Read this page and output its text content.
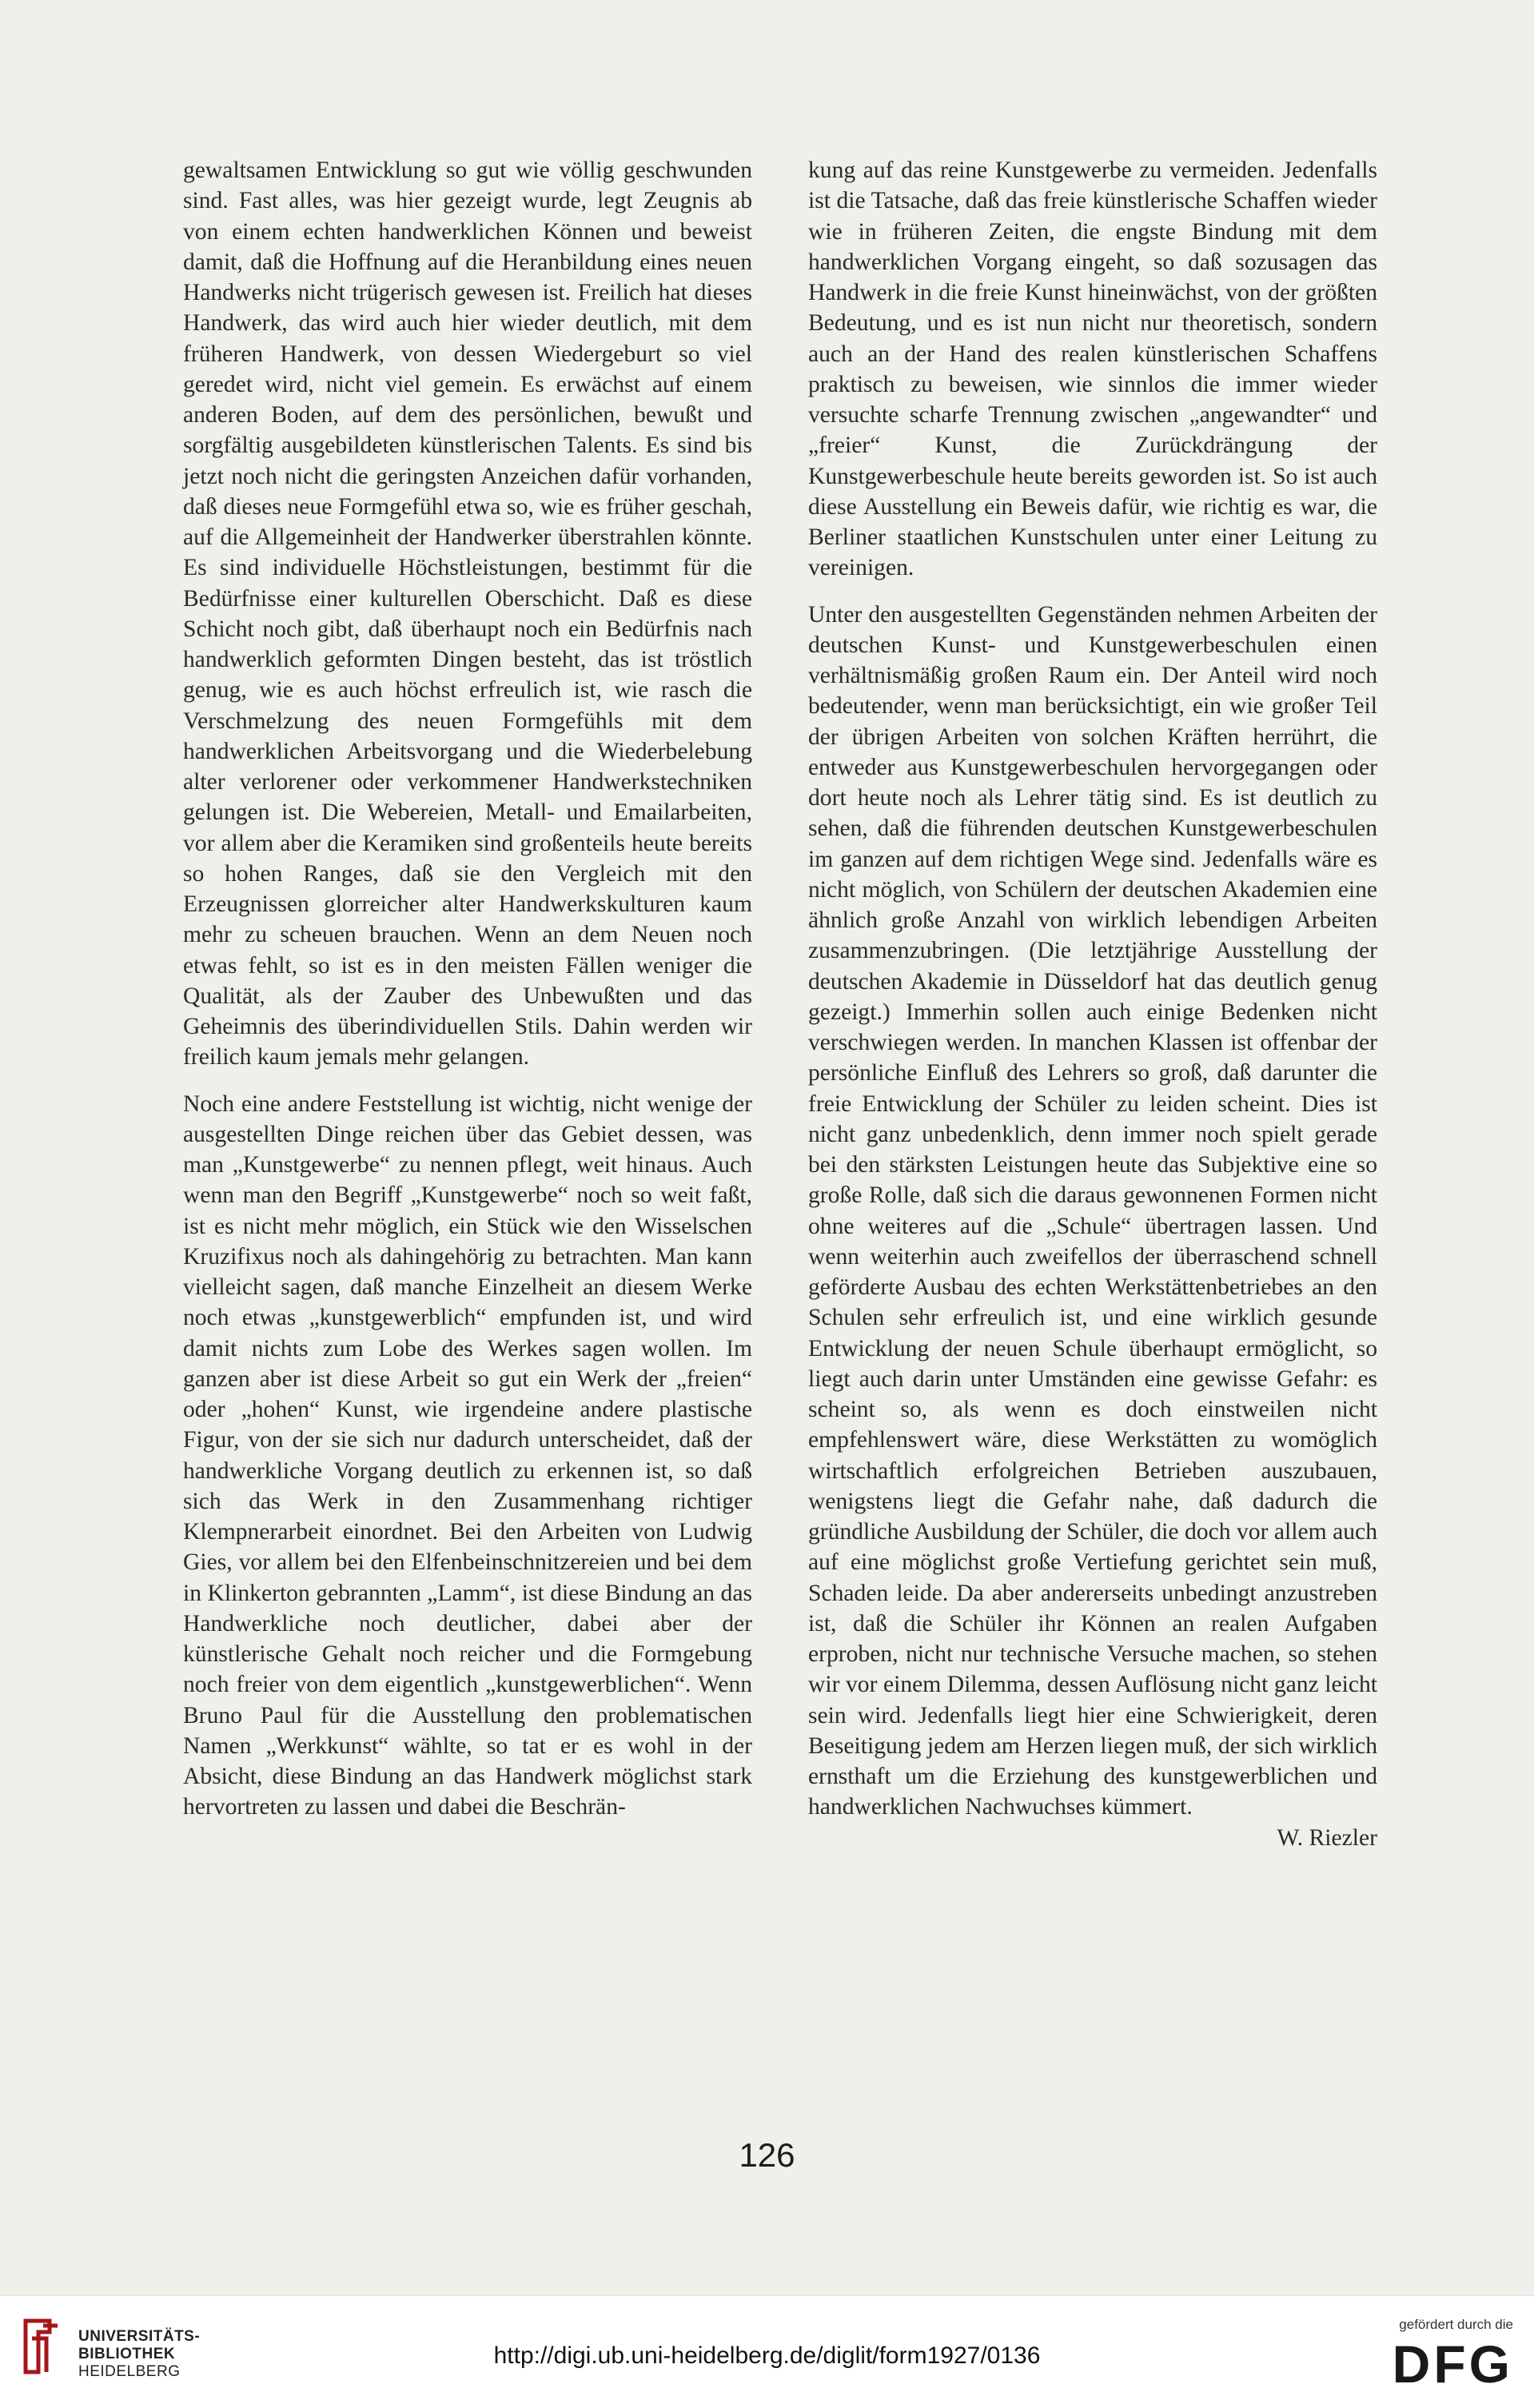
gewaltsamen Entwicklung so gut wie völlig geschwunden sind. Fast alles, was hier gezeigt wurde, legt Zeugnis ab von einem echten handwerklichen Können und beweist damit, daß die Hoffnung auf die Heranbildung eines neuen Handwerks nicht trügerisch gewesen ist. Freilich hat dieses Handwerk, das wird auch hier wieder deutlich, mit dem früheren Handwerk, von dessen Wiedergeburt so viel geredet wird, nicht viel gemein. Es erwächst auf einem anderen Boden, auf dem des persönlichen, bewußt und sorgfältig ausgebildeten künstlerischen Talents. Es sind bis jetzt noch nicht die geringsten Anzeichen dafür vorhanden, daß dieses neue Formgefühl etwa so, wie es früher geschah, auf die Allgemeinheit der Handwerker überstrahlen könnte. Es sind individuelle Höchstleistungen, bestimmt für die Bedürfnisse einer kulturellen Oberschicht. Daß es diese Schicht noch gibt, daß überhaupt noch ein Bedürfnis nach handwerklich geformten Dingen besteht, das ist tröstlich genug, wie es auch höchst erfreulich ist, wie rasch die Verschmelzung des neuen Formgefühls mit dem handwerklichen Arbeitsvorgang und die Wiederbelebung alter verlorener oder verkommener Handwerkstechniken gelungen ist. Die Webereien, Metall- und Emailarbeiten, vor allem aber die Keramiken sind großenteils heute bereits so hohen Ranges, daß sie den Vergleich mit den Erzeugnissen glorreicher alter Handwerkskulturen kaum mehr zu scheuen brauchen. Wenn an dem Neuen noch etwas fehlt, so ist es in den meisten Fällen weniger die Qualität, als der Zauber des Unbewußten und das Geheimnis des überindividuellen Stils. Dahin werden wir freilich kaum jemals mehr gelangen.

Noch eine andere Feststellung ist wichtig, nicht wenige der ausgestellten Dinge reichen über das Gebiet dessen, was man „Kunstgewerbe“ zu nennen pflegt, weit hinaus. Auch wenn man den Begriff „Kunstgewerbe“ noch so weit faßt, ist es nicht mehr möglich, ein Stück wie den Wisselschen Kruzifixus noch als dahingehörig zu betrachten. Man kann vielleicht sagen, daß manche Einzelheit an diesem Werke noch etwas „kunstgewerblich“ empfunden ist, und wird damit nichts zum Lobe des Werkes sagen wollen. Im ganzen aber ist diese Arbeit so gut ein Werk der „freien“ oder „hohen“ Kunst, wie irgendeine andere plastische Figur, von der sie sich nur dadurch unterscheidet, daß der handwerkliche Vorgang deutlich zu erkennen ist, so daß sich das Werk in den Zusammenhang richtiger Klempnerarbeit einordnet. Bei den Arbeiten von Ludwig Gies, vor allem bei den Elfenbeinschnitzereien und bei dem in Klinkerton gebrannten „Lamm“, ist diese Bindung an das Handwerkliche noch deutlicher, dabei aber der künstlerische Gehalt noch reicher und die Formgebung noch freier von dem eigentlich „kunstgewerblichen“. Wenn Bruno Paul für die Ausstellung den problematischen Namen „Werkkunst“ wählte, so tat er es wohl in der Absicht, diese Bindung an das Handwerk möglichst stark hervortreten zu lassen und dabei die Beschrän-

kung auf das reine Kunstgewerbe zu vermeiden. Jedenfalls ist die Tatsache, daß das freie künstlerische Schaffen wieder wie in früheren Zeiten, die engste Bindung mit dem handwerklichen Vorgang eingeht, so daß sozusagen das Handwerk in die freie Kunst hineinwächst, von der größten Bedeutung, und es ist nun nicht nur theoretisch, sondern auch an der Hand des realen künstlerischen Schaffens praktisch zu beweisen, wie sinnlos die immer wieder versuchte scharfe Trennung zwischen „angewandter“ und „freier“ Kunst, die Zurückdrängung der Kunstgewerbeschule heute bereits geworden ist. So ist auch diese Ausstellung ein Beweis dafür, wie richtig es war, die Berliner staatlichen Kunstschulen unter einer Leitung zu vereinigen.

Unter den ausgestellten Gegenständen nehmen Arbeiten der deutschen Kunst- und Kunstgewerbeschulen einen verhältnismäßig großen Raum ein. Der Anteil wird noch bedeutender, wenn man berücksichtigt, ein wie großer Teil der übrigen Arbeiten von solchen Kräften herrührt, die entweder aus Kunstgewerbeschulen hervorgegangen oder dort heute noch als Lehrer tätig sind. Es ist deutlich zu sehen, daß die führenden deutschen Kunstgewerbeschulen im ganzen auf dem richtigen Wege sind. Jedenfalls wäre es nicht möglich, von Schülern der deutschen Akademien eine ähnlich große Anzahl von wirklich lebendigen Arbeiten zusammenzubringen. (Die letztjährige Ausstellung der deutschen Akademie in Düsseldorf hat das deutlich genug gezeigt.) Immerhin sollen auch einige Bedenken nicht verschwiegen werden. In manchen Klassen ist offenbar der persönliche Einfluß des Lehrers so groß, daß darunter die freie Entwicklung der Schüler zu leiden scheint. Dies ist nicht ganz unbedenklich, denn immer noch spielt gerade bei den stärksten Leistungen heute das Subjektive eine so große Rolle, daß sich die daraus gewonnenen Formen nicht ohne weiteres auf die „Schule“ übertragen lassen. Und wenn weiterhin auch zweifellos der überraschend schnell geförderte Ausbau des echten Werkstättenbetriebes an den Schulen sehr erfreulich ist, und eine wirklich gesunde Entwicklung der neuen Schule überhaupt ermöglicht, so liegt auch darin unter Umständen eine gewisse Gefahr: es scheint so, als wenn es doch einstweilen nicht empfehlenswert wäre, diese Werkstätten zu womöglich wirtschaftlich erfolgreichen Betrieben auszubauen, wenigstens liegt die Gefahr nahe, daß dadurch die gründliche Ausbildung der Schüler, die doch vor allem auch auf eine möglichst große Vertiefung gerichtet sein muß, Schaden leide. Da aber andererseits unbedingt anzustreben ist, daß die Schüler ihr Können an realen Aufgaben erproben, nicht nur technische Versuche machen, so stehen wir vor einem Dilemma, dessen Auflösung nicht ganz leicht sein wird. Jedenfalls liegt hier eine Schwierigkeit, deren Beseitigung jedem am Herzen liegen muß, der sich wirklich ernsthaft um die Erziehung des kunstgewerblichen und handwerklichen Nachwuchses kümmert.

W. Riezler
126
UNIVERSITÄTS-
BIBLIOTHEK
HEIDELBERG
http://digi.ub.uni-heidelberg.de/diglit/form1927/0136
gefördert durch die
DFG
